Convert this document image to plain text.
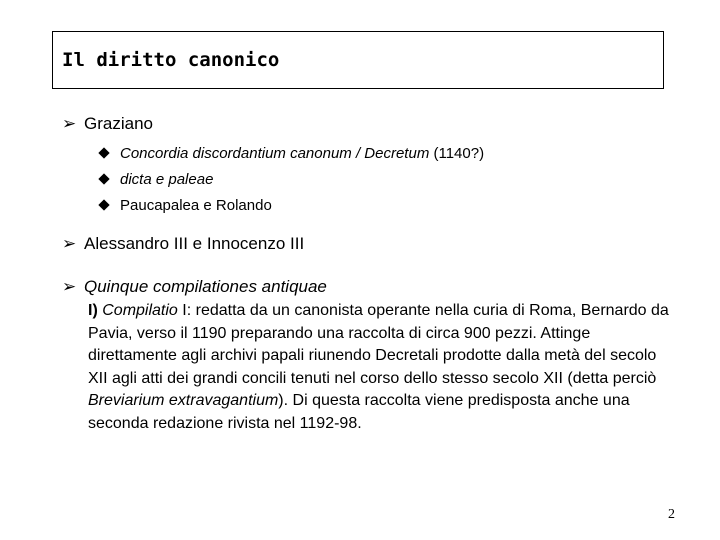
Il diritto canonico
➢ Graziano
Concordia discordantium canonum / Decretum (1140?)
dicta e paleae
Paucapalea e Rolando
➢ Alessandro III e Innocenzo III
➢ Quinque compilationes antiquae
I) Compilatio I: redatta da un canonista operante nella curia di Roma, Bernardo da Pavia, verso il 1190 preparando una raccolta di circa 900 pezzi. Attinge direttamente agli archivi papali riunendo Decretali prodotte dalla metà del secolo XII agli atti dei grandi concili tenuti nel corso dello stesso secolo XII (detta perciò Breviarium extravagantium). Di questa raccolta viene predisposta anche una seconda redazione rivista nel 1192-98.
2
